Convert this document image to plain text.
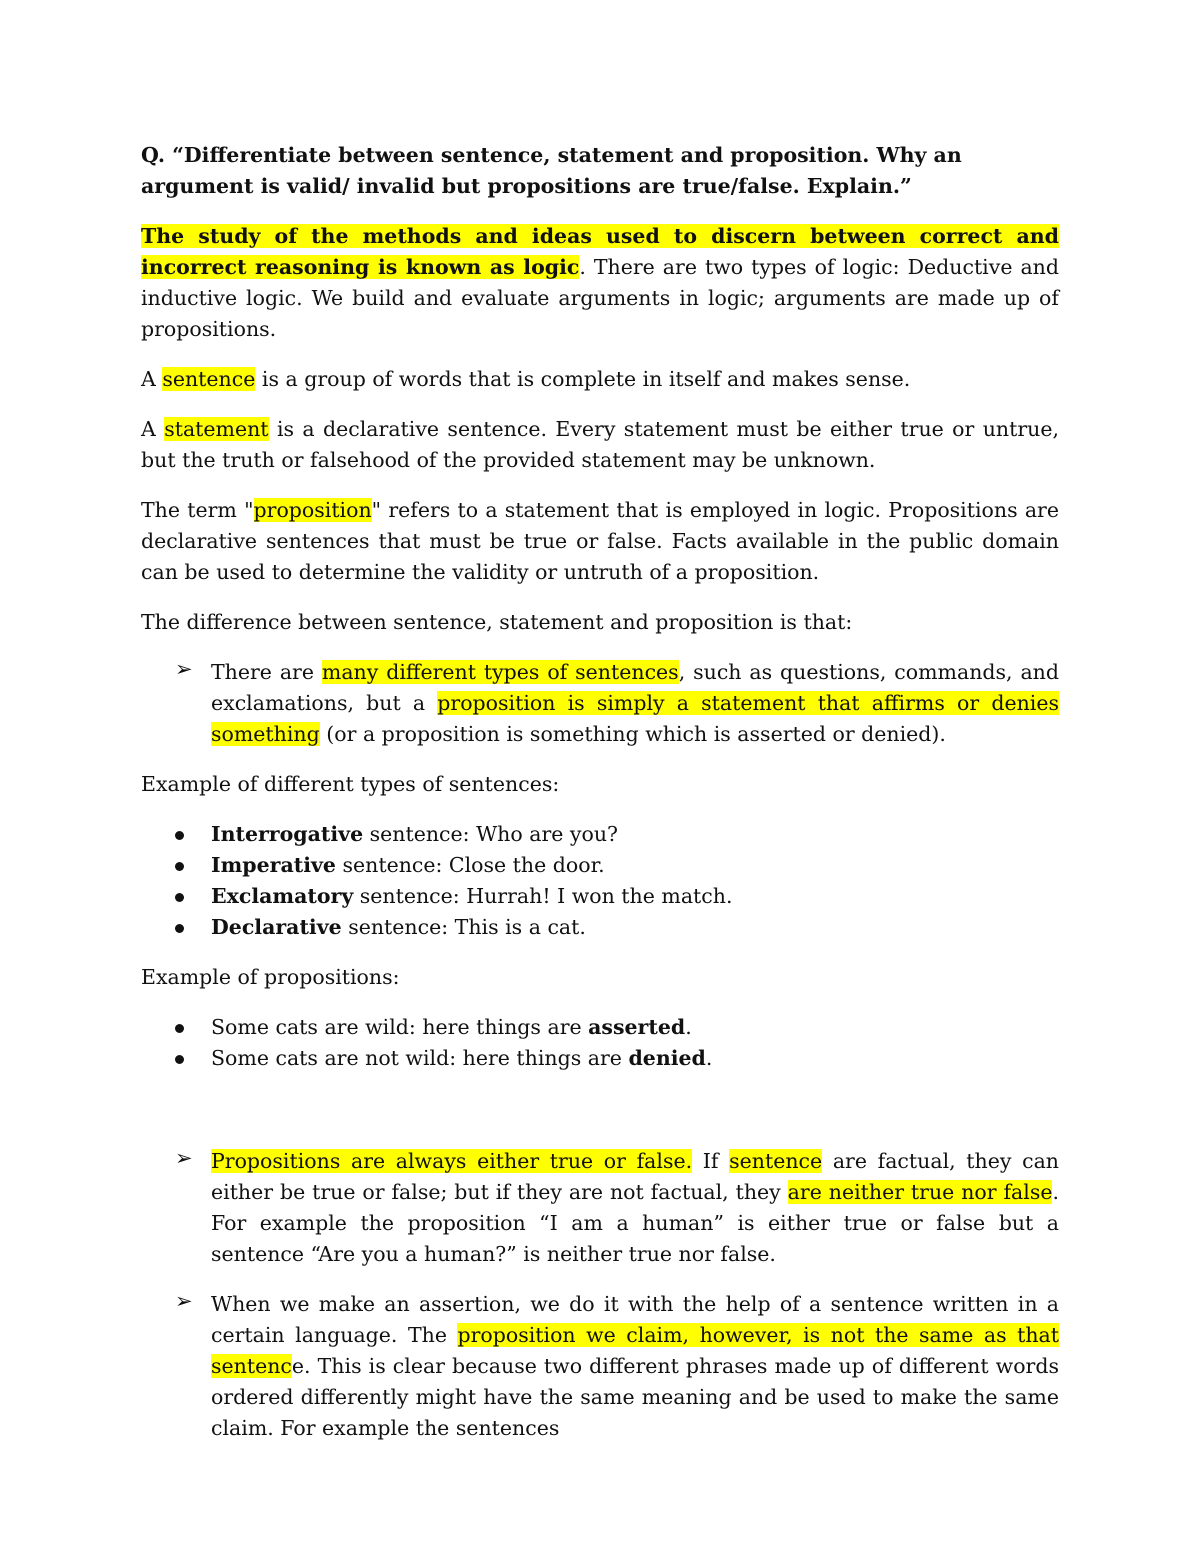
Q. “Differentiate between sentence, statement and proposition. Why an argument is valid/ invalid but propositions are true/false. Explain.”

The study of the methods and ideas used to discern between correct and incorrect reasoning is known as logic. There are two types of logic: Deductive and inductive logic. We build and evaluate arguments in logic; arguments are made up of propositions.

A sentence is a group of words that is complete in itself and makes sense.

A statement is a declarative sentence. Every statement must be either true or untrue, but the truth or falsehood of the provided statement may be unknown.

The term "proposition" refers to a statement that is employed in logic. Propositions are declarative sentences that must be true or false. Facts available in the public domain can be used to determine the validity or untruth of a proposition.

The difference between sentence, statement and proposition is that:

➢ There are many different types of sentences, such as questions, commands, and exclamations, but a proposition is simply a statement that affirms or denies something (or a proposition is something which is asserted or denied).

Example of different types of sentences:

Interrogative sentence: Who are you?
Imperative sentence: Close the door.
Exclamatory sentence: Hurrah! I won the match.
Declarative sentence: This is a cat.

Example of propositions:

Some cats are wild: here things are asserted.
Some cats are not wild: here things are denied.
➢ Propositions are always either true or false. If sentence are factual, they can either be true or false; but if they are not factual, they are neither true nor false. For example the proposition “I am a human” is either true or false but a sentence “Are you a human?” is neither true nor false.

➢ When we make an assertion, we do it with the help of a sentence written in a certain language. The proposition we claim, however, is not the same as that sentence. This is clear because two different phrases made up of different words ordered differently might have the same meaning and be used to make the same claim. For example the sentences
